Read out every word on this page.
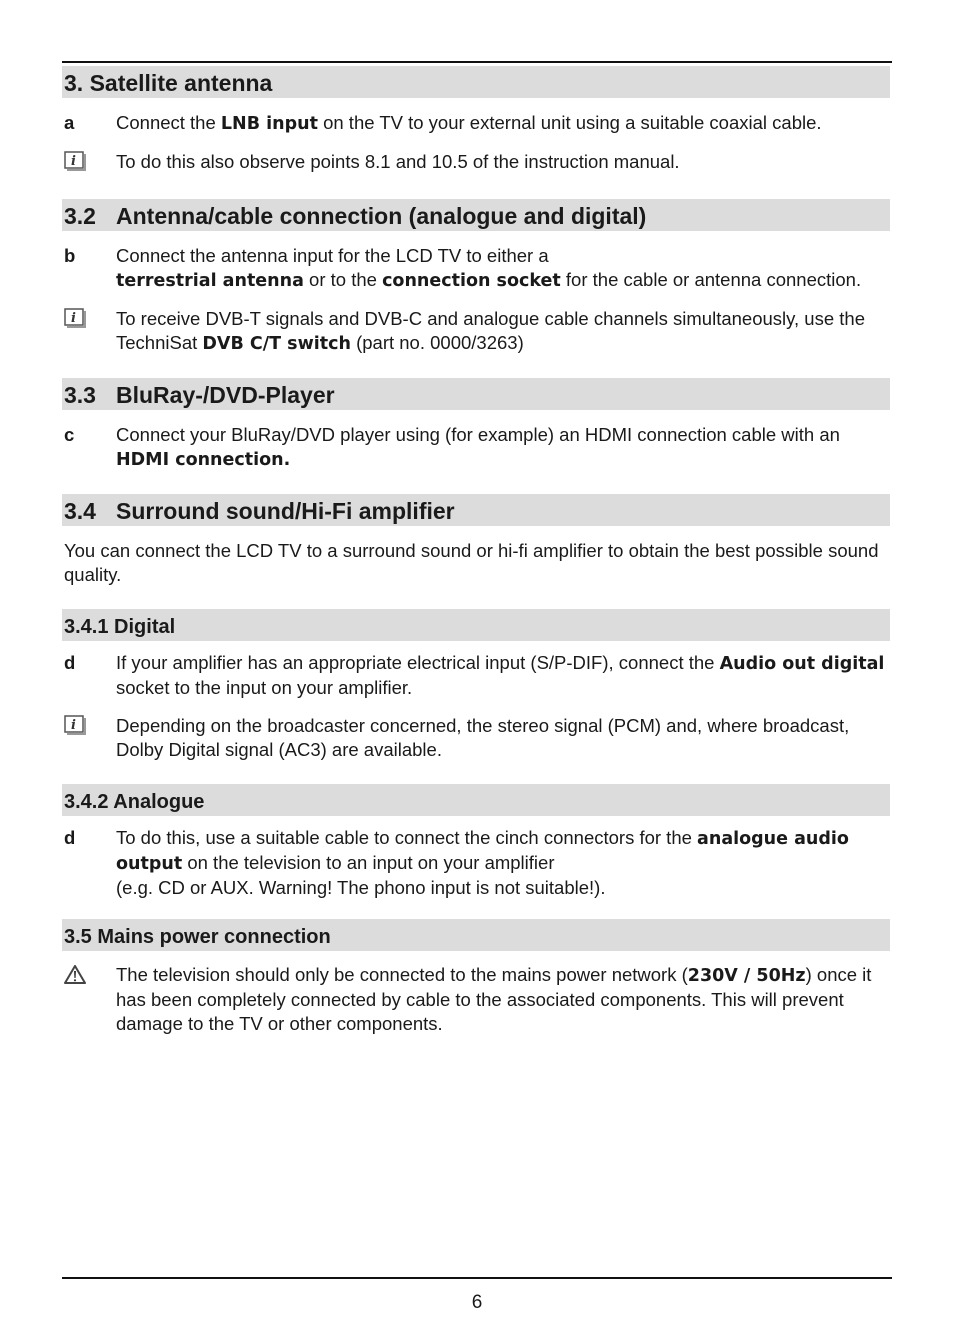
3. Satellite antenna
a	Connect the LNB input on the TV to your external unit using a suitable coaxial cable.
i To do this also observe points 8.1 and 10.5 of the instruction manual.
3.2 Antenna/cable connection (analogue and digital)
b	Connect the antenna input for the LCD TV to either a
terrestrial antenna or to the connection socket for the cable or antenna connection.
i To receive DVB-T signals and DVB-C and analogue cable channels simultaneously, use the TechniSat DVB C/T switch (part no. 0000/3263)
3.3 BluRay-/DVD-Player
c	Connect your BluRay/DVD player using (for example) an HDMI connection cable with an HDMI connection.
3.4 Surround sound/Hi-Fi amplifier
You can connect the LCD TV to a surround sound or hi-fi amplifier to obtain the best possible sound quality.
3.4.1 Digital
d	If your amplifier has an appropriate electrical input (S/P-DIF), connect the Audio out digital socket to the input on your amplifier.
i Depending on the broadcaster concerned, the stereo signal (PCM) and, where broadcast, Dolby Digital signal (AC3) are available.
3.4.2 Analogue
d	To do this, use a suitable cable to connect the cinch connectors for the analogue audio output on the television to an input on your amplifier
(e.g. CD or AUX. Warning! The phono input is not suitable!).
3.5 Mains power connection
The television should only be connected to the mains power network (230V / 50Hz) once it has been completely connected by cable to the associated components. This will prevent damage to the TV or other components.
6
